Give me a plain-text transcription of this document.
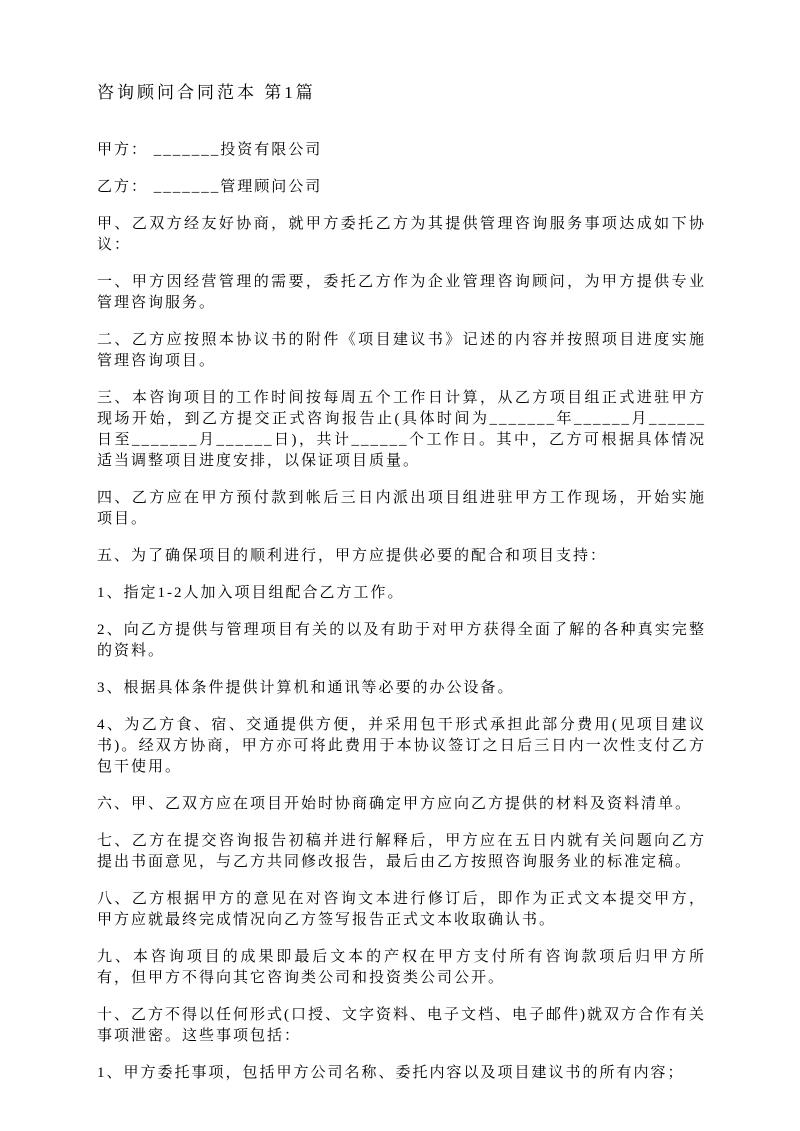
咨询顾问合同范本 第1篇

甲方： _______投资有限公司

乙方： _______管理顾问公司

甲、乙双方经友好协商，就甲方委托乙方为其提供管理咨询服务事项达成如下协议：

一、甲方因经营管理的需要，委托乙方作为企业管理咨询顾问，为甲方提供专业管理咨询服务。

二、乙方应按照本协议书的附件《项目建议书》记述的内容并按照项目进度实施管理咨询项目。

三、本咨询项目的工作时间按每周五个工作日计算，从乙方项目组正式进驻甲方现场开始，到乙方提交正式咨询报告止(具体时间为_______年______月______日至_______月______日)，共计______个工作日。其中，乙方可根据具体情况适当调整项目进度安排，以保证项目质量。

四、乙方应在甲方预付款到帐后三日内派出项目组进驻甲方工作现场，开始实施项目。

五、为了确保项目的顺利进行，甲方应提供必要的配合和项目支持：

1、指定1-2人加入项目组配合乙方工作。

2、向乙方提供与管理项目有关的以及有助于对甲方获得全面了解的各种真实完整的资料。

3、根据具体条件提供计算机和通讯等必要的办公设备。

4、为乙方食、宿、交通提供方便，并采用包干形式承担此部分费用(见项目建议书)。经双方协商，甲方亦可将此费用于本协议签订之日后三日内一次性支付乙方包干使用。

六、甲、乙双方应在项目开始时协商确定甲方应向乙方提供的材料及资料清单。

七、乙方在提交咨询报告初稿并进行解释后，甲方应在五日内就有关问题向乙方提出书面意见，与乙方共同修改报告，最后由乙方按照咨询服务业的标准定稿。

八、乙方根据甲方的意见在对咨询文本进行修订后，即作为正式文本提交甲方，甲方应就最终完成情况向乙方签写报告正式文本收取确认书。

九、本咨询项目的成果即最后文本的产权在甲方支付所有咨询款项后归甲方所有，但甲方不得向其它咨询类公司和投资类公司公开。

十、乙方不得以任何形式(口授、文字资料、电子文档、电子邮件)就双方合作有关事项泄密。这些事项包括：

1、甲方委托事项，包括甲方公司名称、委托内容以及项目建议书的所有内容；
